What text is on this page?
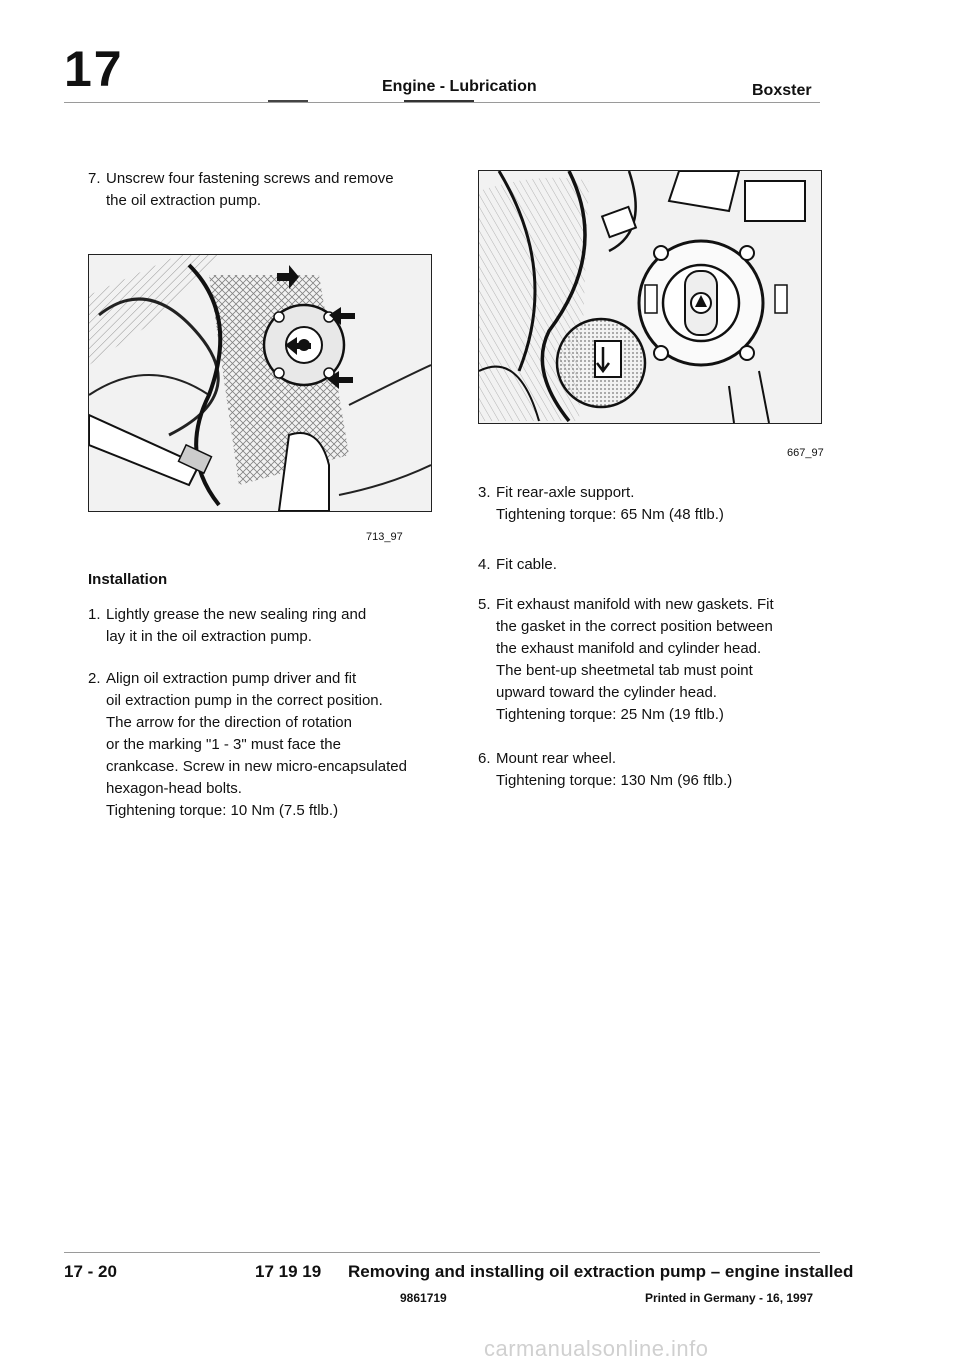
17	Engine - Lubrication	Boxster
7. Unscrew four fastening screws and remove
the oil extraction pump.
713_97
Installation
1. Lightly grease the new sealing ring and
lay it in the oil extraction pump.
2. Align oil extraction pump driver and fit
oil extraction pump in the correct position.
The arrow for the direction of rotation
or the marking "1 - 3" must face the
crankcase. Screw in new micro-encapsulated
hexagon-head bolts.
Tightening torque: 10 Nm (7.5 ftlb.)
667_97
3. Fit rear-axle support.
Tightening torque: 65 Nm (48 ftlb.)
4. Fit cable.
5. Fit exhaust manifold with new gaskets. Fit
the gasket in the correct position between
the exhaust manifold and cylinder head.
The bent-up sheetmetal tab must point
upward toward the cylinder head.
Tightening torque: 25 Nm (19 ftlb.)
6. Mount rear wheel.
Tightening torque: 130 Nm (96 ftlb.)
17 - 20	17 19 19 Removing and installing oil extraction pump – engine installed
9861719	Printed in Germany - 16, 1997
carmanualsonline.info
